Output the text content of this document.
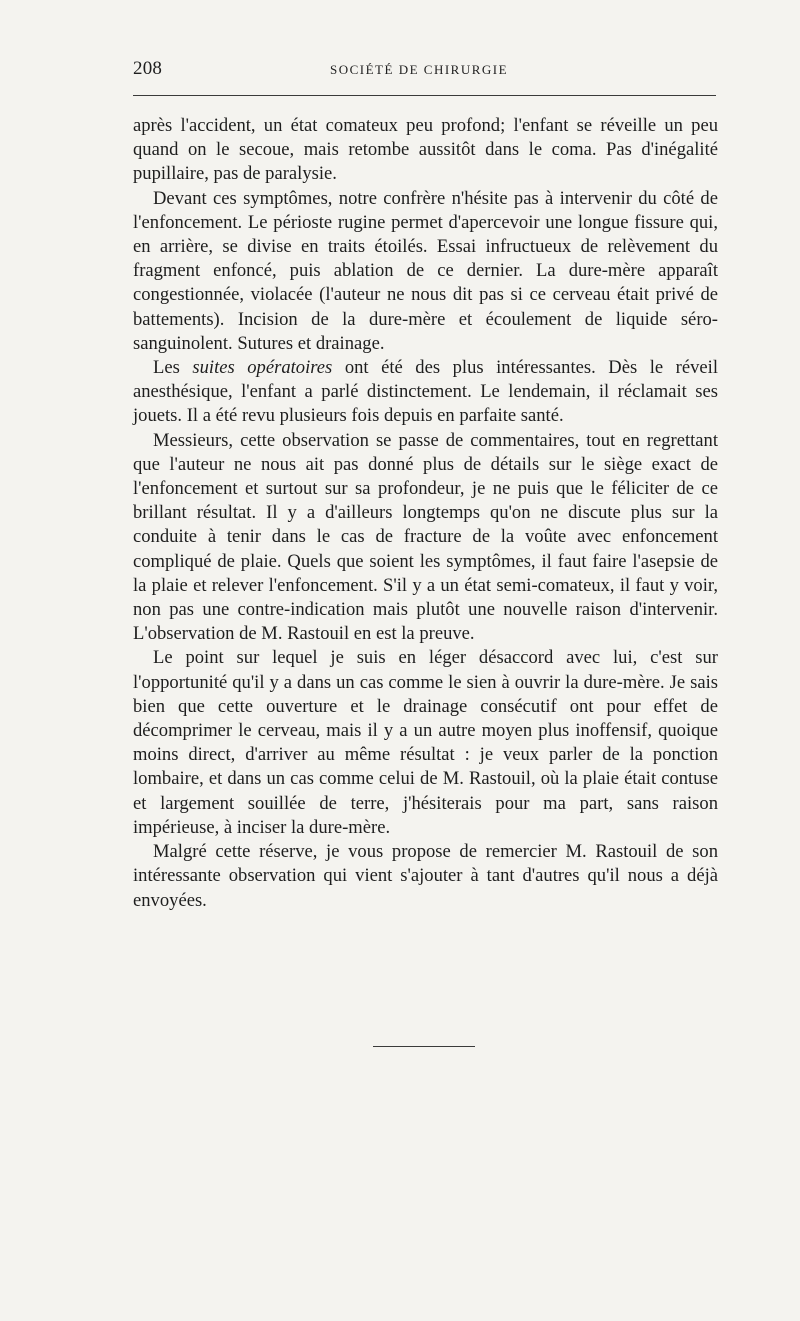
208	SOCIÉTÉ DE CHIRURGIE

après l'accident, un état comateux peu profond; l'enfant se réveille un peu quand on le secoue, mais retombe aussitôt dans le coma. Pas d'inégalité pupillaire, pas de paralysie.

Devant ces symptômes, notre confrère n'hésite pas à intervenir du côté de l'enfoncement. Le périoste rugine permet d'apercevoir une longue fissure qui, en arrière, se divise en traits étoilés. Essai infructueux de relèvement du fragment enfoncé, puis ablation de ce dernier. La dure-mère apparaît congestionnée, violacée (l'auteur ne nous dit pas si ce cerveau était privé de battements). Incision de la dure-mère et écoulement de liquide séro-sanguinolent. Sutures et drainage.

Les suites opératoires ont été des plus intéressantes. Dès le réveil anesthésique, l'enfant a parlé distinctement. Le lendemain, il réclamait ses jouets. Il a été revu plusieurs fois depuis en parfaite santé.

Messieurs, cette observation se passe de commentaires, tout en regrettant que l'auteur ne nous ait pas donné plus de détails sur le siège exact de l'enfoncement et surtout sur sa profondeur, je ne puis que le féliciter de ce brillant résultat. Il y a d'ailleurs longtemps qu'on ne discute plus sur la conduite à tenir dans le cas de fracture de la voûte avec enfoncement compliqué de plaie. Quels que soient les symptômes, il faut faire l'asepsie de la plaie et relever l'enfoncement. S'il y a un état semi-comateux, il faut y voir, non pas une contre-indication mais plutôt une nouvelle raison d'intervenir. L'observation de M. Rastouil en est la preuve.

Le point sur lequel je suis en léger désaccord avec lui, c'est sur l'opportunité qu'il y a dans un cas comme le sien à ouvrir la dure-mère. Je sais bien que cette ouverture et le drainage consécutif ont pour effet de décomprimer le cerveau, mais il y a un autre moyen plus inoffensif, quoique moins direct, d'arriver au même résultat : je veux parler de la ponction lombaire, et dans un cas comme celui de M. Rastouil, où la plaie était contuse et largement souillée de terre, j'hésiterais pour ma part, sans raison impérieuse, à inciser la dure-mère.

Malgré cette réserve, je vous propose de remercier M. Rastouil de son intéressante observation qui vient s'ajouter à tant d'autres qu'il nous a déjà envoyées.
